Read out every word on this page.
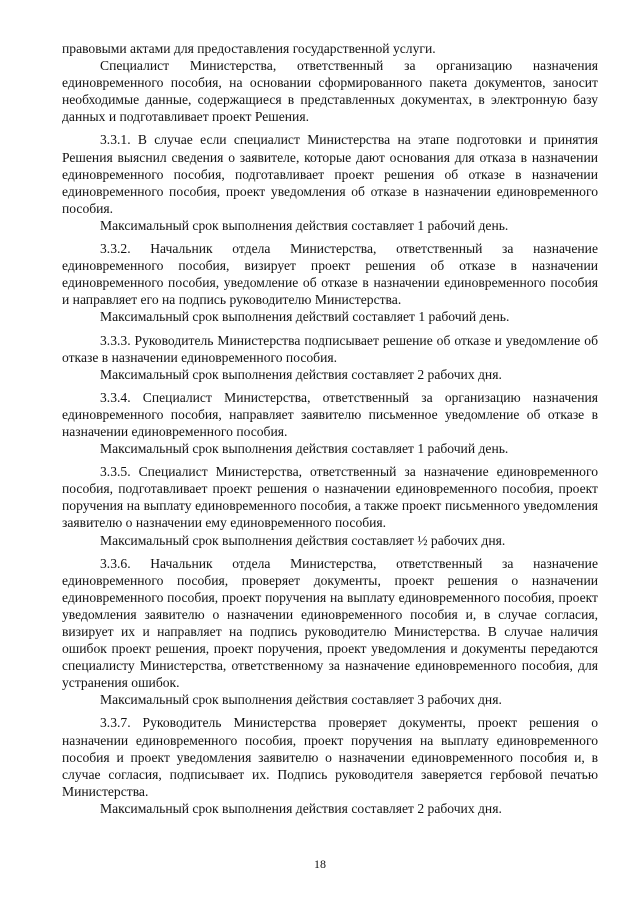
правовыми актами для предоставления государственной услуги.

Специалист Министерства, ответственный за организацию назначения единовременного пособия, на основании сформированного пакета документов, заносит необходимые данные, содержащиеся в представленных документах, в электронную базу данных и подготавливает проект Решения.

3.3.1. В случае если специалист Министерства на этапе подготовки и принятия Решения выяснил сведения о заявителе, которые дают основания для отказа в назначении единовременного пособия, подготавливает проект решения об отказе в назначении единовременного пособия, проект уведомления об отказе в назначении единовременного пособия.

Максимальный срок выполнения действия составляет 1 рабочий день.

3.3.2. Начальник отдела Министерства, ответственный за назначение единовременного пособия, визирует проект решения об отказе в назначении единовременного пособия, уведомление об отказе в назначении единовременного пособия и направляет его на подпись руководителю Министерства.

Максимальный срок выполнения действий составляет 1 рабочий день.

3.3.3. Руководитель Министерства подписывает решение об отказе и уведомление об отказе в назначении единовременного пособия.

Максимальный срок выполнения действия составляет 2 рабочих дня.

3.3.4. Специалист Министерства, ответственный за организацию назначения единовременного пособия, направляет заявителю письменное уведомление об отказе в назначении единовременного пособия.

Максимальный срок выполнения действия составляет 1 рабочий день.

3.3.5. Специалист Министерства, ответственный за назначение единовременного пособия, подготавливает проект решения о назначении единовременного пособия, проект поручения на выплату единовременного пособия, а также проект письменного уведомления заявителю о назначении ему единовременного пособия.

Максимальный срок выполнения действия составляет ½ рабочих дня.

3.3.6. Начальник отдела Министерства, ответственный за назначение единовременного пособия, проверяет документы, проект решения о назначении единовременного пособия, проект поручения на выплату единовременного пособия, проект уведомления заявителю о назначении единовременного пособия и, в случае согласия, визирует их и направляет на подпись руководителю Министерства. В случае наличия ошибок проект решения, проект поручения, проект уведомления и документы передаются специалисту Министерства, ответственному за назначение единовременного пособия, для устранения ошибок.

Максимальный срок выполнения действия составляет 3 рабочих дня.

3.3.7. Руководитель Министерства проверяет документы, проект решения о назначении единовременного пособия, проект поручения на выплату единовременного пособия и проект уведомления заявителю о назначении единовременного пособия и, в случае согласия, подписывает их. Подпись руководителя заверяется гербовой печатью Министерства.

Максимальный срок выполнения действия составляет 2 рабочих дня.

18
